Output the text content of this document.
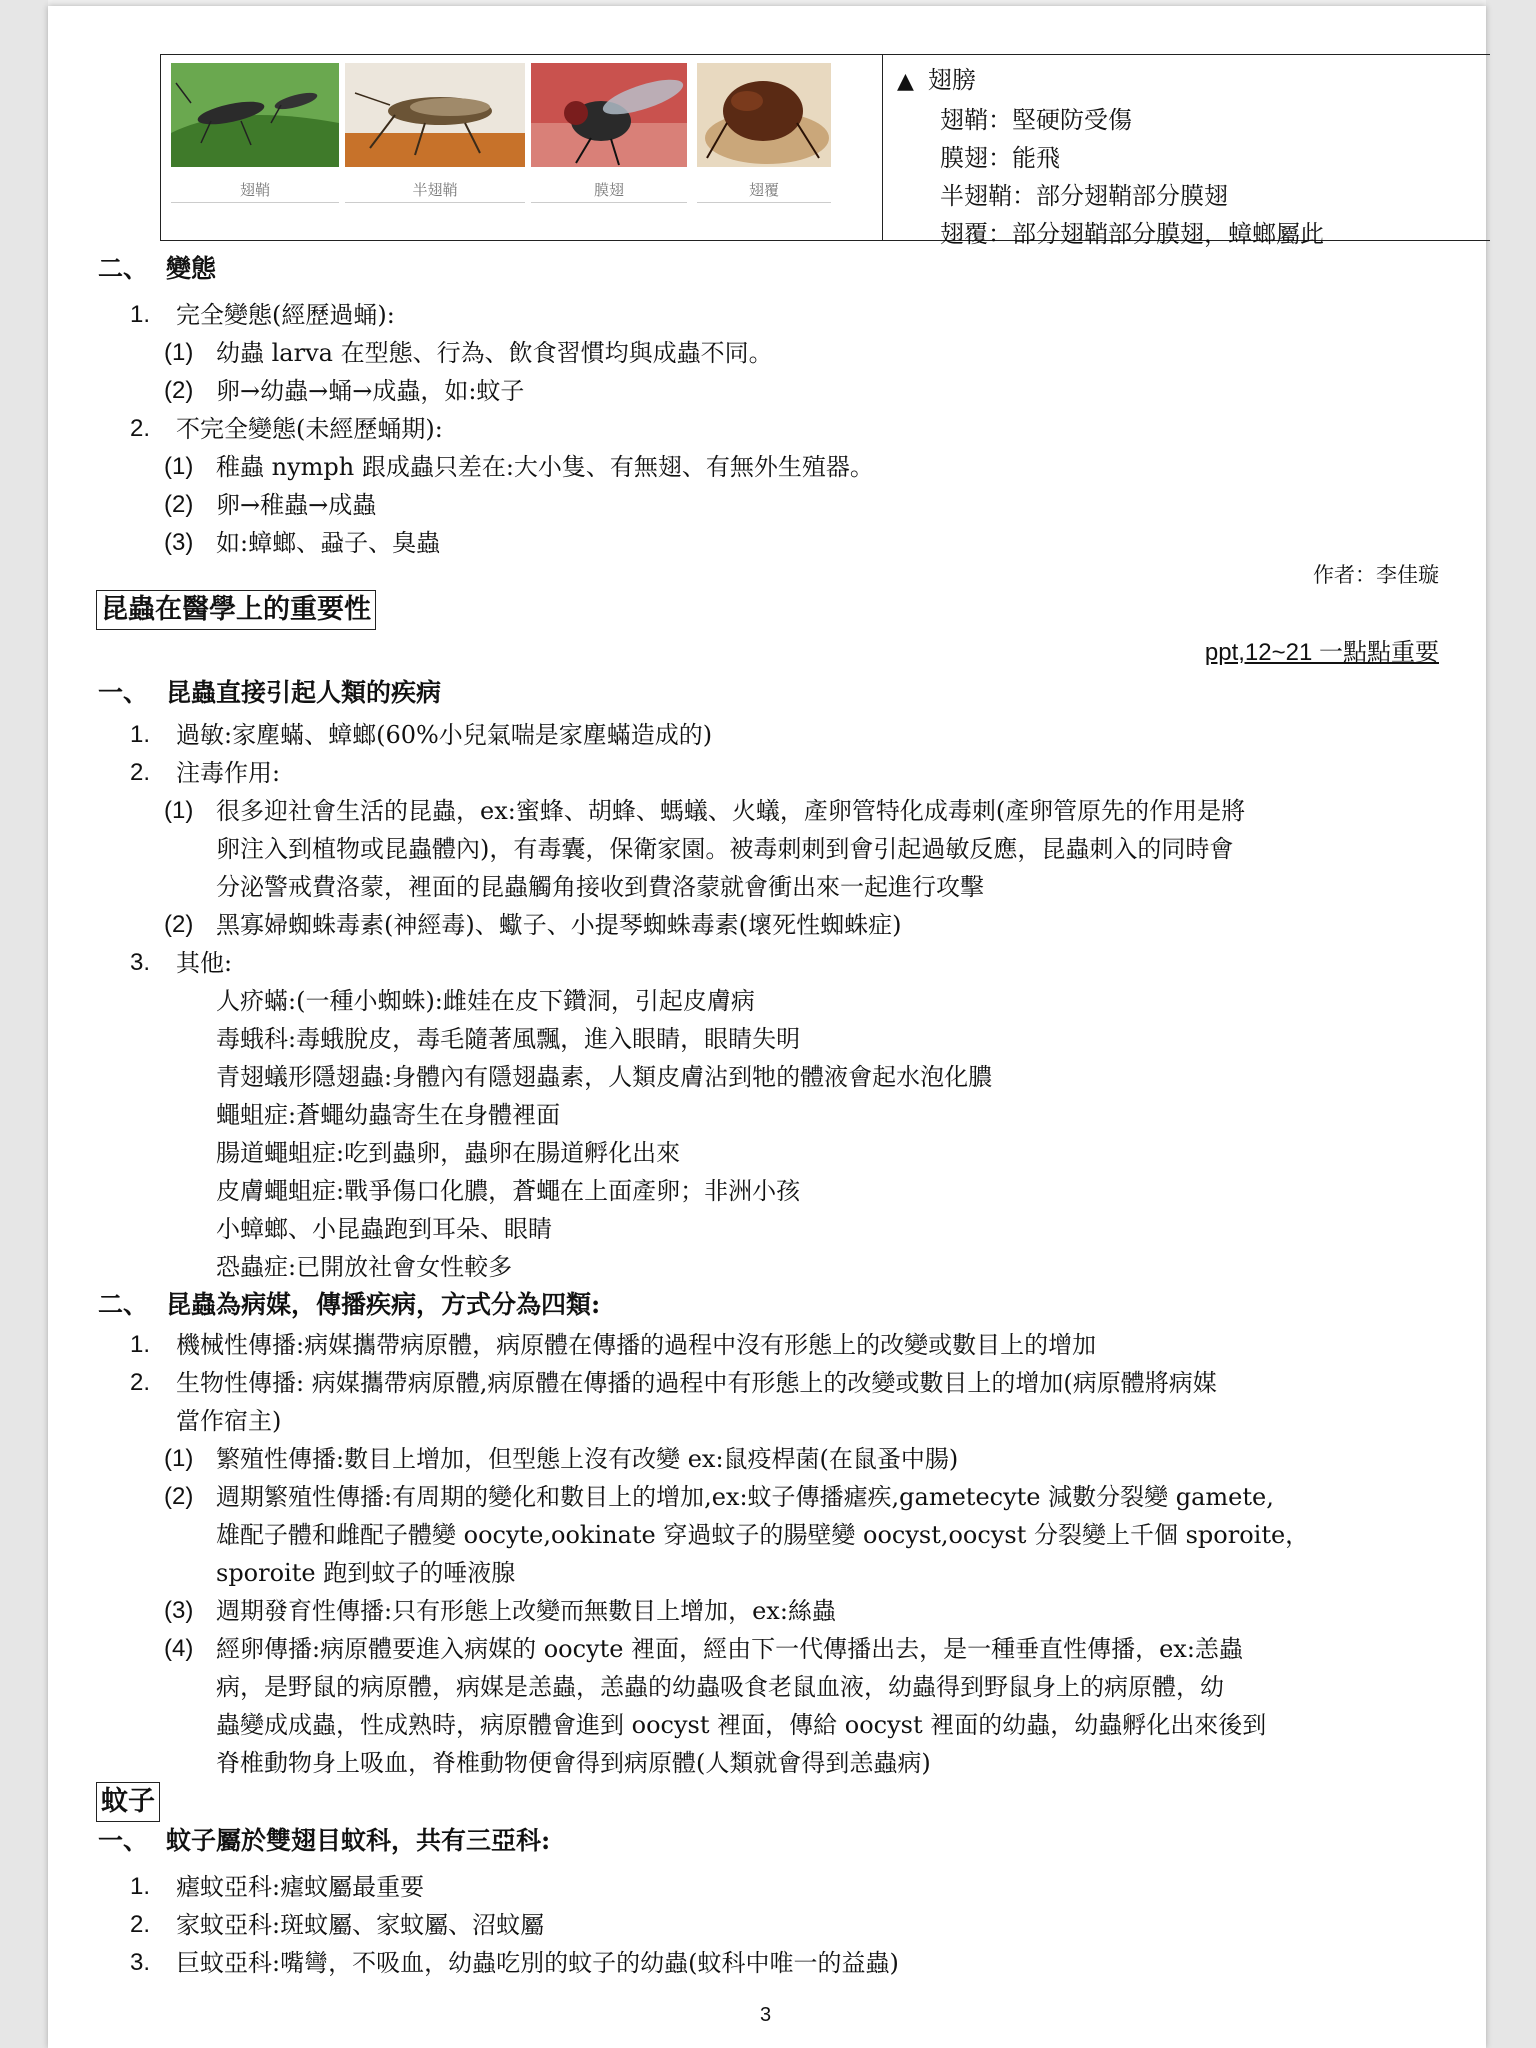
翅鞘	半翅鞘	膜翅	翅覆
▲ 翅膀
翅鞘：堅硬防受傷
膜翅：能飛
半翅鞘：部分翅鞘部分膜翅
翅覆：部分翅鞘部分膜翅，蟑螂屬此
二、 變態
1. 完全變態(經歷過蛹):
(1) 幼蟲 larva 在型態、行為、飲食習慣均與成蟲不同。
(2) 卵→幼蟲→蛹→成蟲，如:蚊子
2. 不完全變態(未經歷蛹期):
(1) 稚蟲 nymph 跟成蟲只差在:大小隻、有無翅、有無外生殖器。
(2) 卵→稚蟲→成蟲
(3) 如:蟑螂、蝨子、臭蟲
作者：李佳璇
昆蟲在醫學上的重要性
ppt,12~21 一點點重要
一、 昆蟲直接引起人類的疾病
1. 過敏:家塵蟎、蟑螂(60%小兒氣喘是家塵蟎造成的)
2. 注毒作用:
(1) 很多迎社會生活的昆蟲，ex:蜜蜂、胡蜂、螞蟻、火蟻，產卵管特化成毒刺(產卵管原先的作用是將
卵注入到植物或昆蟲體內)，有毒囊，保衛家園。被毒刺刺到會引起過敏反應，昆蟲刺入的同時會
分泌警戒費洛蒙，裡面的昆蟲觸角接收到費洛蒙就會衝出來一起進行攻擊
(2) 黑寡婦蜘蛛毒素(神經毒)、蠍子、小提琴蜘蛛毒素(壞死性蜘蛛症)
3. 其他:
人疥蟎:(一種小蜘蛛):雌娃在皮下鑽洞，引起皮膚病
毒蛾科:毒蛾脫皮，毒毛隨著風飄，進入眼睛，眼睛失明
青翅蟻形隱翅蟲:身體內有隱翅蟲素，人類皮膚沾到牠的體液會起水泡化膿
蠅蛆症:蒼蠅幼蟲寄生在身體裡面
腸道蠅蛆症:吃到蟲卵，蟲卵在腸道孵化出來
皮膚蠅蛆症:戰爭傷口化膿，蒼蠅在上面產卵；非洲小孩
小蟑螂、小昆蟲跑到耳朵、眼睛
恐蟲症:已開放社會女性較多
二、 昆蟲為病媒，傳播疾病，方式分為四類:
1. 機械性傳播:病媒攜帶病原體，病原體在傳播的過程中沒有形態上的改變或數目上的增加
2. 生物性傳播: 病媒攜帶病原體,病原體在傳播的過程中有形態上的改變或數目上的增加(病原體將病媒
當作宿主)
(1) 繁殖性傳播:數目上增加，但型態上沒有改變 ex:鼠疫桿菌(在鼠蚤中腸)
(2) 週期繁殖性傳播:有周期的變化和數目上的增加,ex:蚊子傳播瘧疾,gametecyte 減數分裂變 gamete,
雄配子體和雌配子體變 oocyte,ookinate 穿過蚊子的腸壁變 oocyst,oocyst 分裂變上千個 sporoite，
sporoite 跑到蚊子的唾液腺
(3) 週期發育性傳播:只有形態上改變而無數目上增加，ex:絲蟲
(4) 經卵傳播:病原體要進入病媒的 oocyte 裡面，經由下一代傳播出去，是一種垂直性傳播，ex:恙蟲
病，是野鼠的病原體，病媒是恙蟲，恙蟲的幼蟲吸食老鼠血液，幼蟲得到野鼠身上的病原體，幼
蟲變成成蟲，性成熟時，病原體會進到 oocyst 裡面，傳給 oocyst 裡面的幼蟲，幼蟲孵化出來後到
脊椎動物身上吸血，脊椎動物便會得到病原體(人類就會得到恙蟲病)
蚊子
一、 蚊子屬於雙翅目蚊科，共有三亞科:
1. 瘧蚊亞科:瘧蚊屬最重要
2. 家蚊亞科:斑蚊屬、家蚊屬、沼蚊屬
3. 巨蚊亞科:嘴彎，不吸血，幼蟲吃別的蚊子的幼蟲(蚊科中唯一的益蟲)
3
